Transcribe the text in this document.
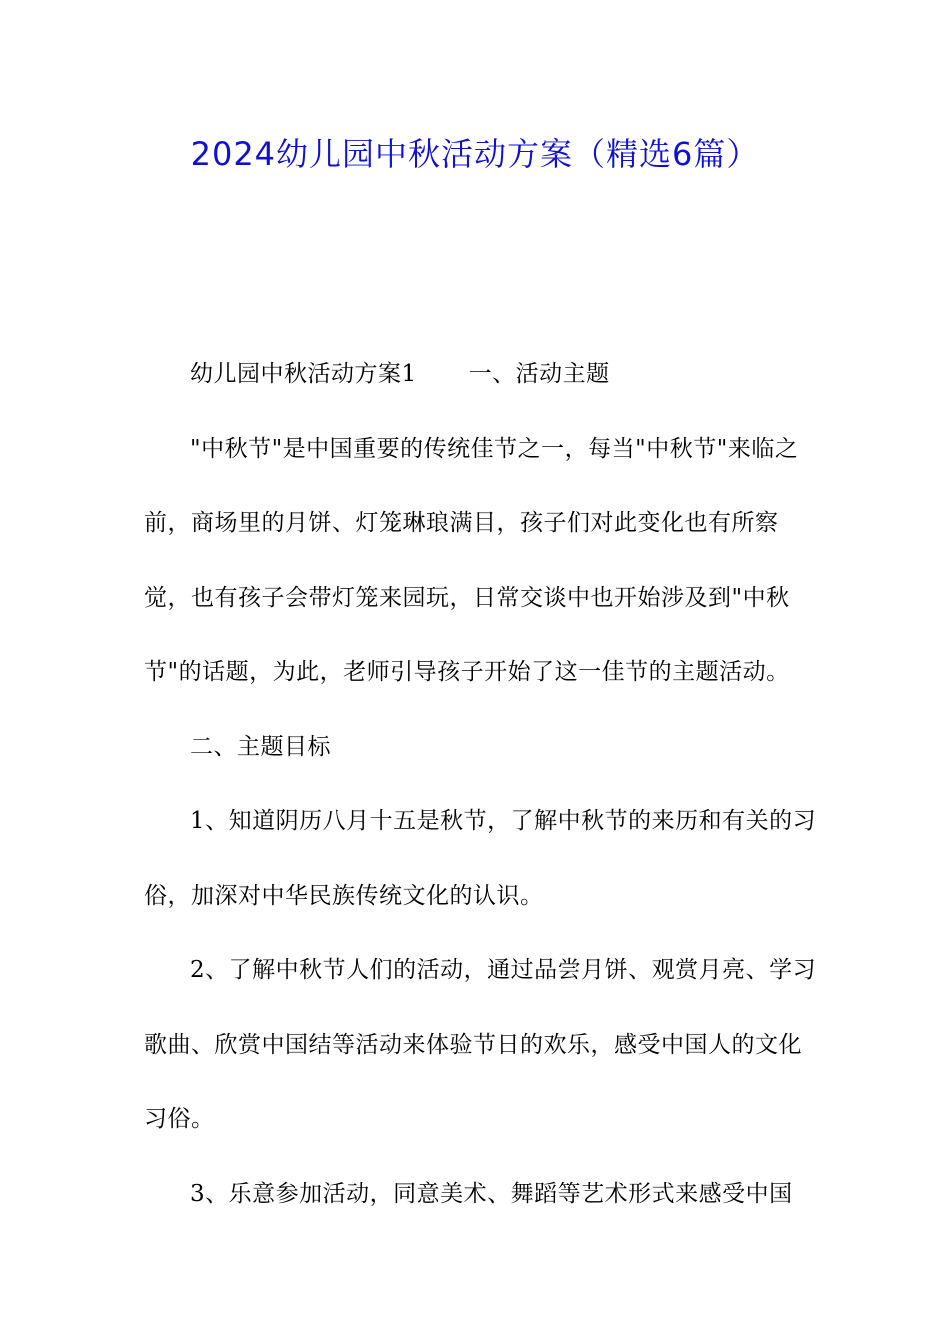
2024幼儿园中秋活动方案（精选6篇）

幼儿园中秋活动方案1 一、活动主题

"中秋节"是中国重要的传统佳节之一，每当"中秋节"来临之前，商场里的月饼、灯笼琳琅满目，孩子们对此变化也有所察觉，也有孩子会带灯笼来园玩，日常交谈中也开始涉及到"中秋节"的话题，为此，老师引导孩子开始了这一佳节的主题活动。

二、主题目标

1、知道阴历八月十五是秋节，了解中秋节的来历和有关的习俗，加深对中华民族传统文化的认识。

2、了解中秋节人们的活动，通过品尝月饼、观赏月亮、学习歌曲、欣赏中国结等活动来体验节日的欢乐，感受中国人的文化习俗。

3、乐意参加活动，同意美术、舞蹈等艺术形式来感受中国
